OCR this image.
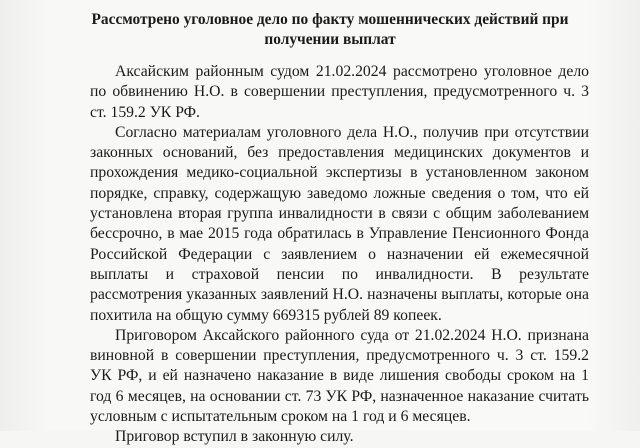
Рассмотрено уголовное дело по факту мошеннических действий при получении выплат

Аксайским районным судом 21.02.2024 рассмотрено уголовное дело по обвинению Н.О. в совершении преступления, предусмотренного ч. 3 ст. 159.2 УК РФ.

Согласно материалам уголовного дела Н.О., получив при отсутствии законных оснований, без предоставления медицинских документов и прохождения медико-социальной экспертизы в установленном законом порядке, справку, содержащую заведомо ложные сведения о том, что ей установлена вторая группа инвалидности в связи с общим заболеванием бессрочно, в мае 2015 года обратилась в Управление Пенсионного Фонда Российской Федерации с заявлением о назначении ей ежемесячной выплаты и страховой пенсии по инвалидности. В результате рассмотрения указанных заявлений Н.О. назначены выплаты, которые она похитила на общую сумму 669315 рублей 89 копеек.

Приговором Аксайского районного суда от 21.02.2024 Н.О. признана виновной в совершении преступления, предусмотренного ч. 3 ст. 159.2 УК РФ, и ей назначено наказание в виде лишения свободы сроком на 1 год 6 месяцев, на основании ст. 73 УК РФ, назначенное наказание считать условным с испытательным сроком на 1 год и 6 месяцев.

Приговор вступил в законную силу.
